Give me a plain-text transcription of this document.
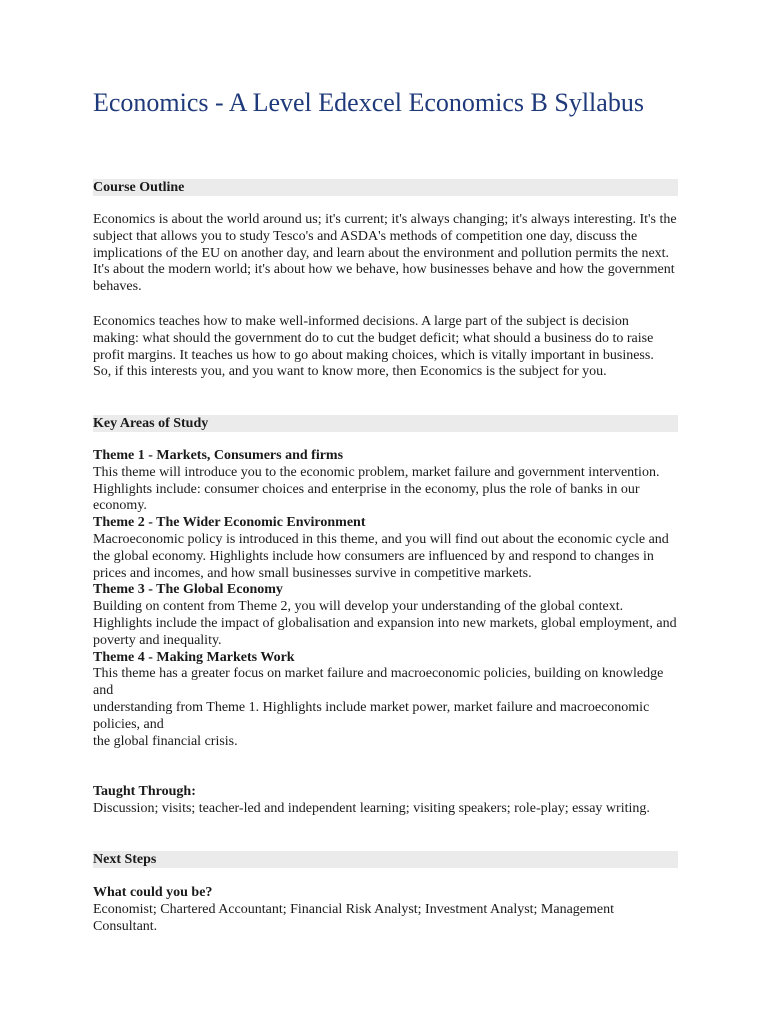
Economics - A Level Edexcel Economics B Syllabus
Course Outline

Economics is about the world around us; it's current; it's always changing; it's always interesting. It's the subject that allows you to study Tesco's and ASDA's methods of competition one day, discuss the implications of the EU on another day, and learn about the environment and pollution permits the next. It's about the modern world; it's about how we behave, how businesses behave and how the government behaves.

Economics teaches how to make well-informed decisions. A large part of the subject is decision making: what should the government do to cut the budget deficit; what should a business do to raise profit margins. It teaches us how to go about making choices, which is vitally important in business.

So, if this interests you, and you want to know more, then Economics is the subject for you.

Key Areas of Study

Theme 1 - Markets, Consumers and firms

This theme will introduce you to the economic problem, market failure and government intervention. Highlights include: consumer choices and enterprise in the economy, plus the role of banks in our economy.

Theme 2 - The Wider Economic Environment

Macroeconomic policy is introduced in this theme, and you will find out about the economic cycle and the global economy. Highlights include how consumers are influenced by and respond to changes in prices and incomes, and how small businesses survive in competitive markets.

Theme 3 - The Global Economy

Building on content from Theme 2, you will develop your understanding of the global context. Highlights include the impact of globalisation and expansion into new markets, global employment, and poverty and inequality.

Theme 4 - Making Markets Work

This theme has a greater focus on market failure and macroeconomic policies, building on knowledge and

understanding from Theme 1. Highlights include market power, market failure and macroeconomic policies, and

the global financial crisis.

Taught Through:

Discussion; visits; teacher-led and independent learning; visiting speakers; role-play; essay writing.

Next Steps

What could you be?

Economist; Chartered Accountant; Financial Risk Analyst; Investment Analyst; Management Consultant.
